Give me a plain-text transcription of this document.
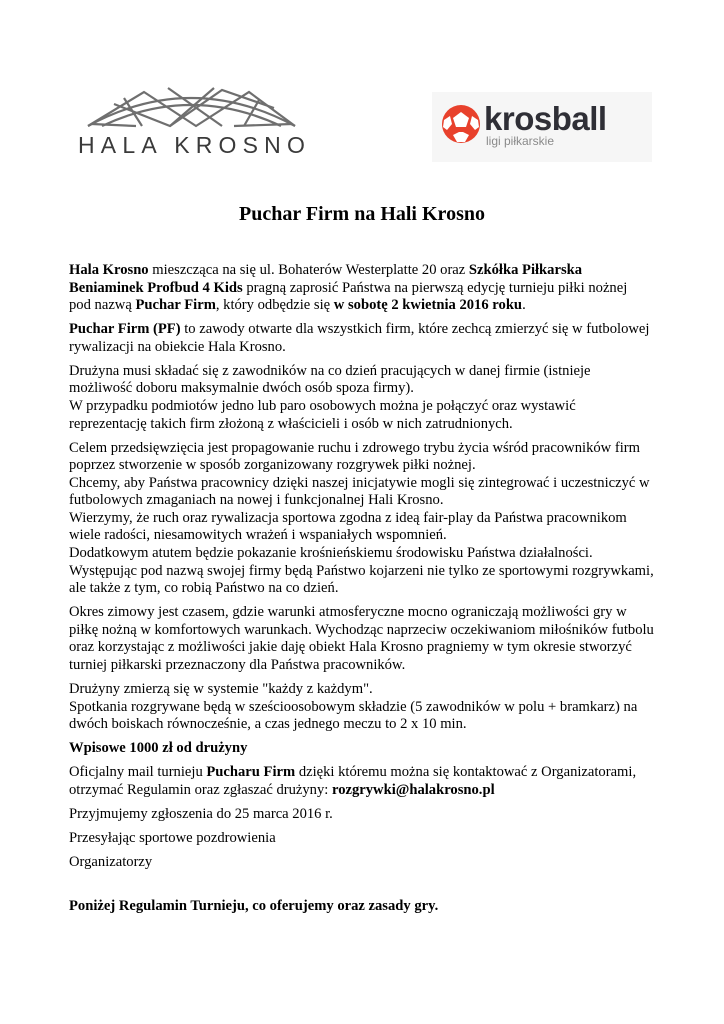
HALA KROSNO
krosball
ligi piłkarskie
Puchar Firm na Hali Krosno

Hala Krosno mieszcząca na się ul. Bohaterów Westerplatte 20 oraz Szkółka Piłkarska
Beniaminek Profbud 4 Kids pragną zaprosić Państwa na pierwszą edycję turnieju piłki nożnej
pod nazwą Puchar Firm, który odbędzie się w sobotę 2 kwietnia 2016 roku.

Puchar Firm (PF) to zawody otwarte dla wszystkich firm, które zechcą zmierzyć się w futbolowej
rywalizacji na obiekcie Hala Krosno.

Drużyna musi składać się z zawodników na co dzień pracujących w danej firmie (istnieje
możliwość doboru maksymalnie dwóch osób spoza firmy).
W przypadku podmiotów jedno lub paro osobowych można je połączyć oraz wystawić
reprezentację takich firm złożoną z właścicieli i osób w nich zatrudnionych.

Celem przedsięwzięcia jest propagowanie ruchu i zdrowego trybu życia wśród pracowników firm
poprzez stworzenie w sposób zorganizowany rozgrywek piłki nożnej.
Chcemy, aby Państwa pracownicy dzięki naszej inicjatywie mogli się zintegrować i uczestniczyć w
futbolowych zmaganiach na nowej i funkcjonalnej Hali Krosno.
Wierzymy, że ruch oraz rywalizacja sportowa zgodna z ideą fair-play da Państwa pracownikom
wiele radości, niesamowitych wrażeń i wspaniałych wspomnień.
Dodatkowym atutem będzie pokazanie krośnieńskiemu środowisku Państwa działalności.
Występując pod nazwą swojej firmy będą Państwo kojarzeni nie tylko ze sportowymi rozgrywkami,
ale także z tym, co robią Państwo na co dzień.

Okres zimowy jest czasem, gdzie warunki atmosferyczne mocno ograniczają możliwości gry w
piłkę nożną w komfortowych warunkach. Wychodząc naprzeciw oczekiwaniom miłośników futbolu
oraz korzystając z możliwości jakie daję obiekt Hala Krosno pragniemy w tym okresie stworzyć
turniej piłkarski przeznaczony dla Państwa pracowników.

Drużyny zmierzą się w systemie "każdy z każdym".
Spotkania rozgrywane będą w sześcioosobowym składzie (5 zawodników w polu + bramkarz) na
dwóch boiskach równocześnie, a czas jednego meczu to 2 x 10 min.

Wpisowe 1000 zł od drużyny

Oficjalny mail turnieju Pucharu Firm dzięki któremu można się kontaktować z Organizatorami,
otrzymać Regulamin oraz zgłaszać drużyny: rozgrywki@halakrosno.pl

Przyjmujemy zgłoszenia do 25 marca 2016 r.

Przesyłając sportowe pozdrowienia

Organizatorzy

Poniżej Regulamin Turnieju, co oferujemy oraz zasady gry.
